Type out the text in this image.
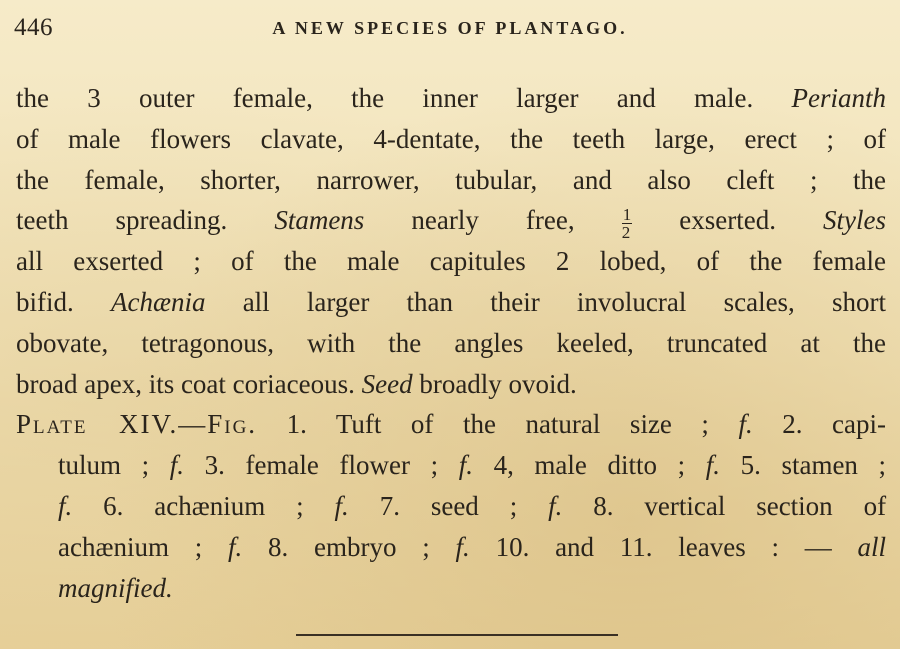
446	A NEW SPECIES OF PLANTAGO.

the 3 outer female, the inner larger and male. Perianth
of male flowers clavate, 4-dentate, the teeth large, erect ; of
the female, shorter, narrower, tubular, and also cleft ; the
teeth spreading. Stamens nearly free,	$\frac{1}{2}$ exserted. Styles
all exserted ; of the male capitules 2 lobed, of the female
bifid. Achænia all larger than their involucral scales, short
obovate, tetragonous, with the angles keeled, truncated at the
broad apex, its coat coriaceous. Seed broadly ovoid.

Plate XIV.—Fig. 1. Tuft of the natural size ; f. 2. capi-
tulum ; f. 3. female flower ; f. 4, male ditto ; f. 5. stamen ;
f. 6. achænium ; f. 7. seed ; f. 8. vertical section of
achænium ; f. 8. embryo ; f. 10. and 11. leaves : — all
magnified.
